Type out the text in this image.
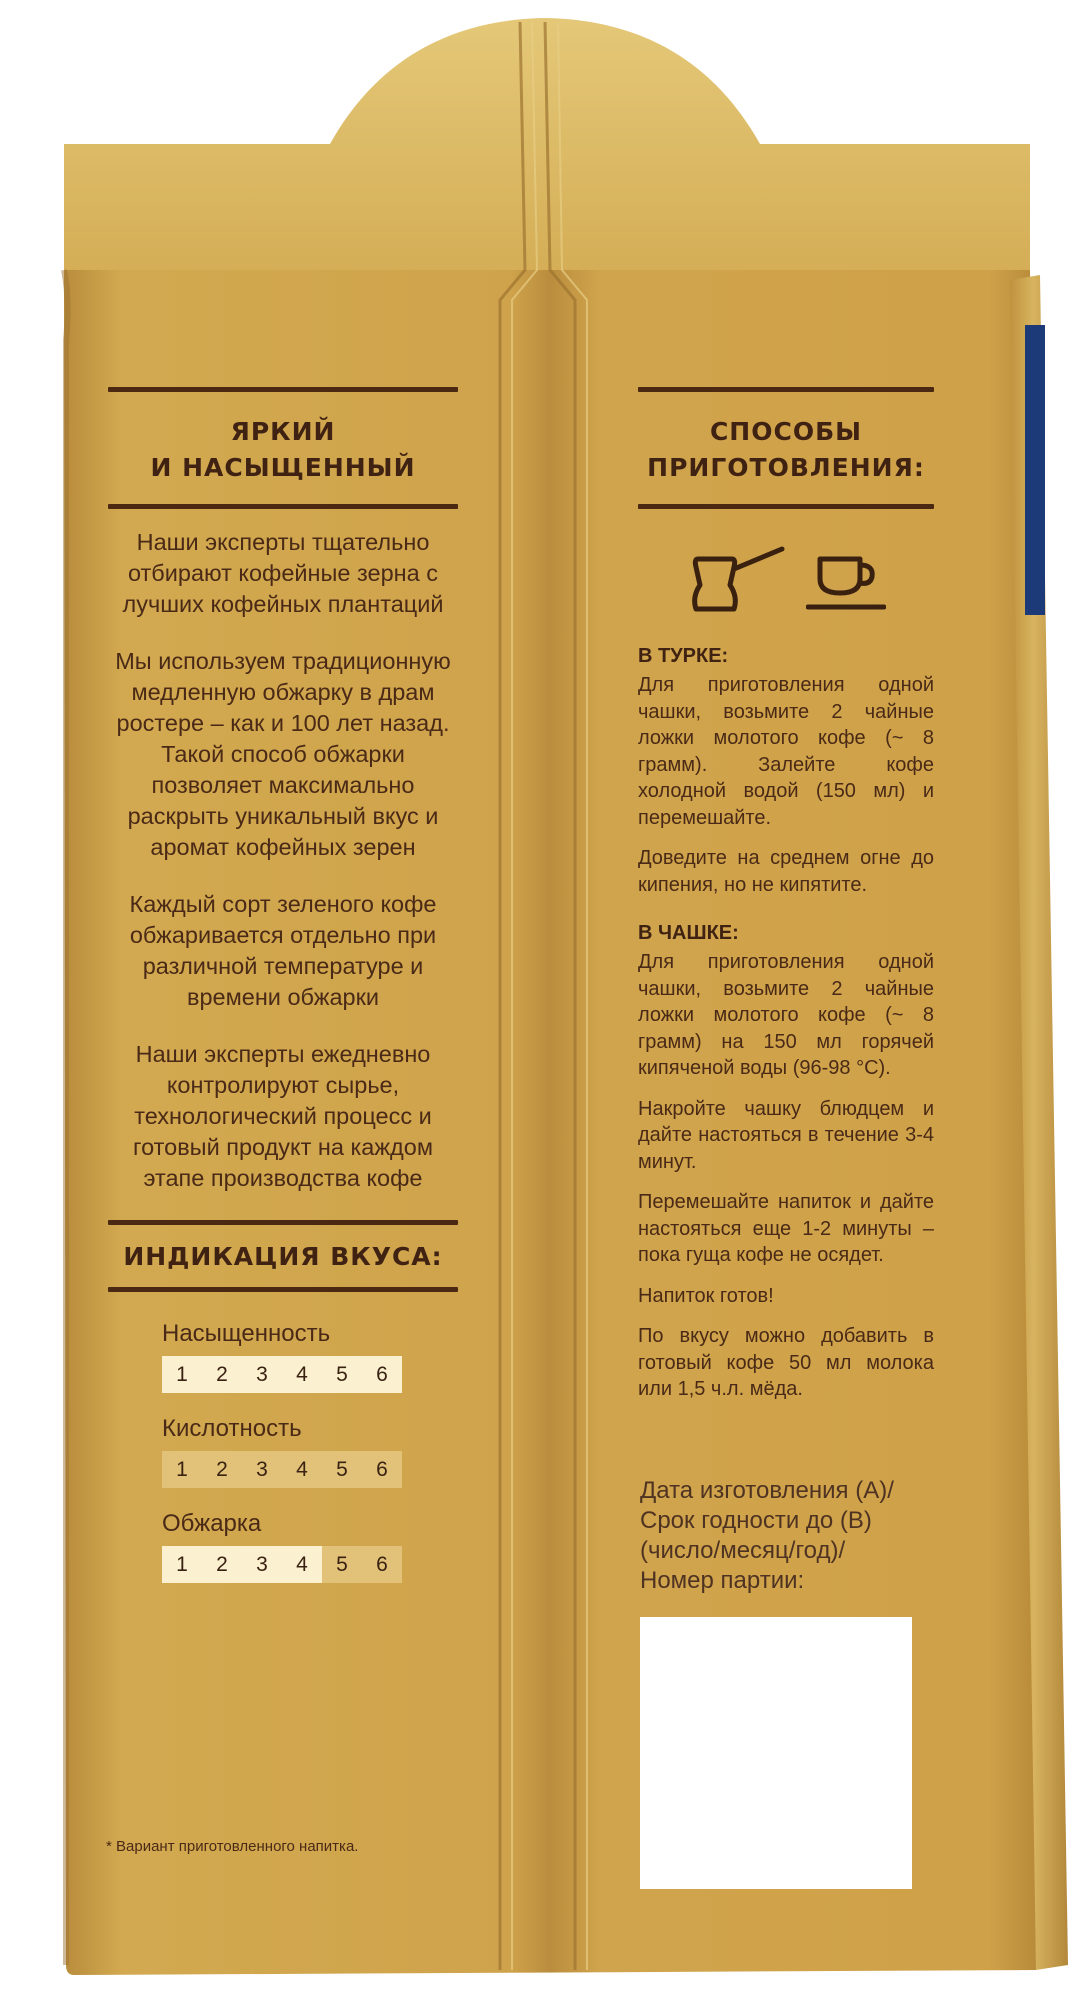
ЯРКИЙ
И НАСЫЩЕННЫЙ

Наши эксперты тщательно отбирают кофейные зерна с лучших кофейных плантаций

Мы используем традиционную медленную обжарку в драм ростере – как и 100 лет назад. Такой способ обжарки позволяет максимально раскрыть уникальный вкус и аромат кофейных зерен

Каждый сорт зеленого кофе обжаривается отдельно при различной температуре и времени обжарки

Наши эксперты ежедневно контролируют сырье, технологический процесс и готовый продукт на каждом этапе производства кофе

ИНДИКАЦИЯ ВКУСА:
Насыщенность
1	2	3	4	5	6
Кислотность
1	2	3	4	5	6
Обжарка
1	2	3	4	5	6
* Вариант приготовленного напитка.
СПОСОБЫ
ПРИГОТОВЛЕНИЯ:
В ТУРКЕ:

Для приготовления одной чашки, возьмите 2 чайные ложки молотого кофе (~ 8 грамм). Залейте кофе холодной водой (150 мл) и перемешайте.

Доведите на среднем огне до кипения, но не кипятите.

В ЧАШКЕ:

Для приготовления одной чашки, возьмите 2 чайные ложки молотого кофе (~ 8 грамм) на 150 мл горячей кипяченой воды (96-98 °C).

Накройте чашку блюдцем и дайте настояться в течение 3-4 минут.

Перемешайте напиток и дайте настояться еще 1-2 минуты – пока гуща кофе не осядет.

Напиток готов!

По вкусу можно добавить в готовый кофе 50 мл молока или 1,5 ч.л. мёда.

Дата изготовления (А)/
Срок годности до (В)
(число/месяц/год)/
Номер партии:
